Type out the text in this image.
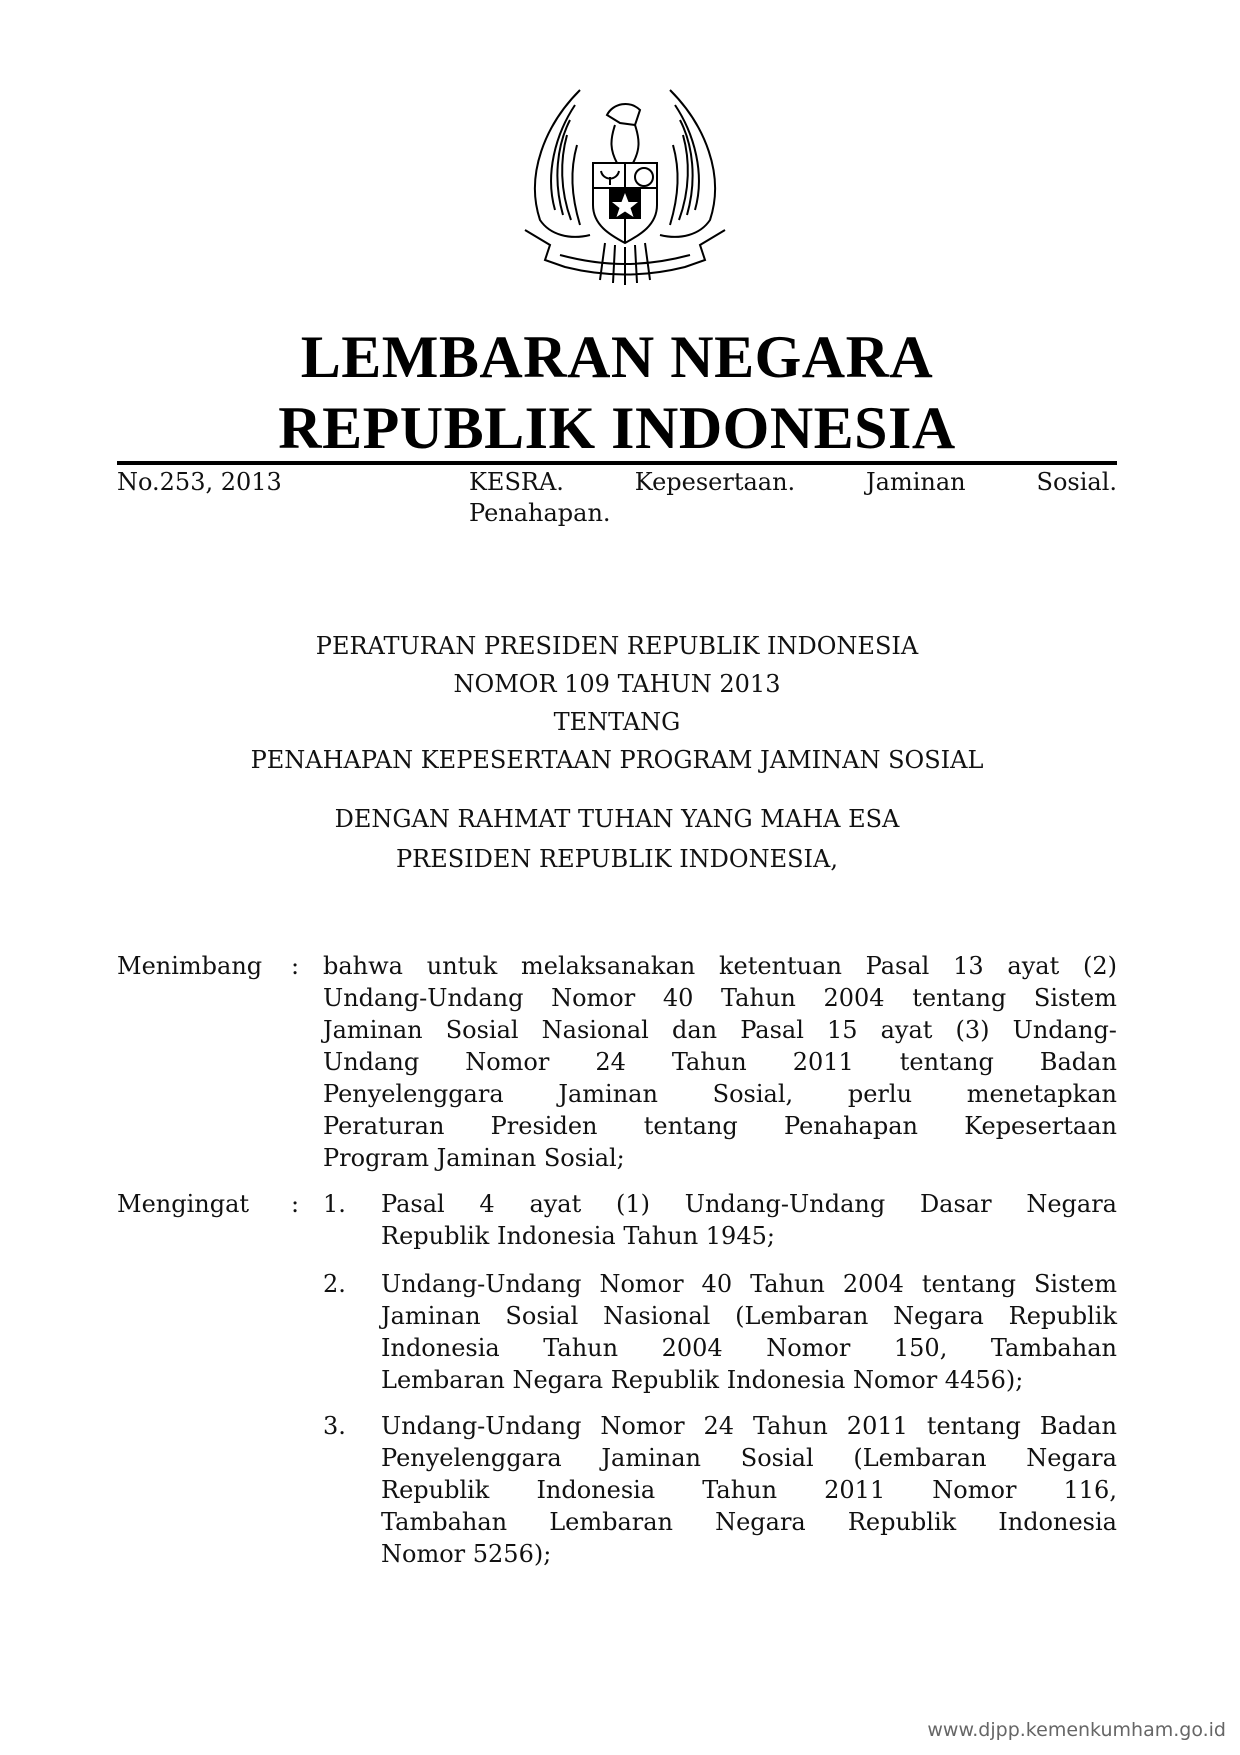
LEMBARAN NEGARA
REPUBLIK INDONESIA
No.253, 2013	KESRA.	Kepesertaan.	Jaminan	Sosial.
Penahapan.
PERATURAN PRESIDEN REPUBLIK INDONESIA
NOMOR 109 TAHUN 2013
TENTANG
PENAHAPAN KEPESERTAAN PROGRAM JAMINAN SOSIAL
DENGAN RAHMAT TUHAN YANG MAHA ESA
PRESIDEN REPUBLIK INDONESIA,
Menimbang : bahwa untuk melaksanakan ketentuan Pasal 13 ayat (2)
Undang-Undang Nomor 40 Tahun 2004 tentang Sistem
Jaminan Sosial Nasional dan Pasal 15 ayat (3) Undang-
Undang Nomor 24 Tahun 2011 tentang Badan
Penyelenggara Jaminan Sosial, perlu menetapkan
Peraturan Presiden tentang Penahapan Kepesertaan
Program Jaminan Sosial;
Mengingat : 1. Pasal 4 ayat (1) Undang-Undang Dasar Negara
Republik Indonesia Tahun 1945;
2. Undang-Undang Nomor 40 Tahun 2004 tentang Sistem
Jaminan Sosial Nasional (Lembaran Negara Republik
Indonesia Tahun 2004 Nomor 150, Tambahan
Lembaran Negara Republik Indonesia Nomor 4456);
3. Undang-Undang Nomor 24 Tahun 2011 tentang Badan
Penyelenggara Jaminan Sosial (Lembaran Negara
Republik Indonesia Tahun 2011 Nomor 116,
Tambahan Lembaran Negara Republik Indonesia
Nomor 5256);
www.djpp.kemenkumham.go.id
